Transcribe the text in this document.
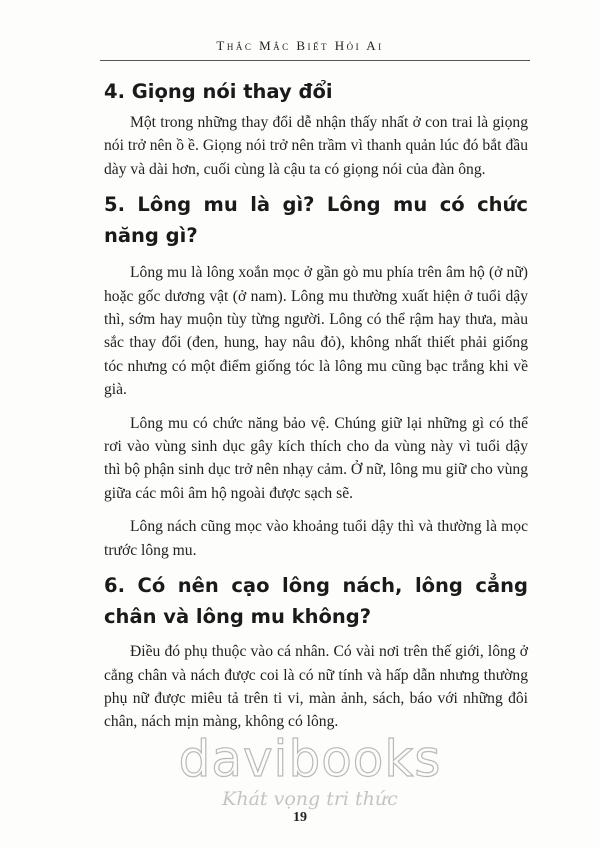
Thắc Mắc Biết Hỏi Ai
4. Giọng nói thay đổi

Một trong những thay đổi dễ nhận thấy nhất ở con trai là giọng nói trở nên ồ ề. Giọng nói trở nên trầm vì thanh quản lúc đó bắt đầu dày và dài hơn, cuối cùng là cậu ta có giọng nói của đàn ông.

5. Lông mu là gì? Lông mu có chức năng gì?

Lông mu là lông xoắn mọc ở gần gò mu phía trên âm hộ (ở nữ) hoặc gốc dương vật (ở nam). Lông mu thường xuất hiện ở tuổi dậy thì, sớm hay muộn tùy từng người. Lông có thể rậm hay thưa, màu sắc thay đổi (đen, hung, hay nâu đỏ), không nhất thiết phải giống tóc nhưng có một điểm giống tóc là lông mu cũng bạc trắng khi về già.

Lông mu có chức năng bảo vệ. Chúng giữ lại những gì có thể rơi vào vùng sinh dục gây kích thích cho da vùng này vì tuổi dậy thì bộ phận sinh dục trở nên nhạy cảm. Ở nữ, lông mu giữ cho vùng giữa các môi âm hộ ngoài được sạch sẽ.

Lông nách cũng mọc vào khoảng tuổi dậy thì và thường là mọc trước lông mu.

6. Có nên cạo lông nách, lông cẳng chân và lông mu không?

Điều đó phụ thuộc vào cá nhân. Có vài nơi trên thế giới, lông ở cẳng chân và nách được coi là có nữ tính và hấp dẫn nhưng thường phụ nữ được miêu tả trên ti vi, màn ảnh, sách, báo với những đôi chân, nách mịn màng, không có lông.

davibooks
Khát vọng tri thức
19
